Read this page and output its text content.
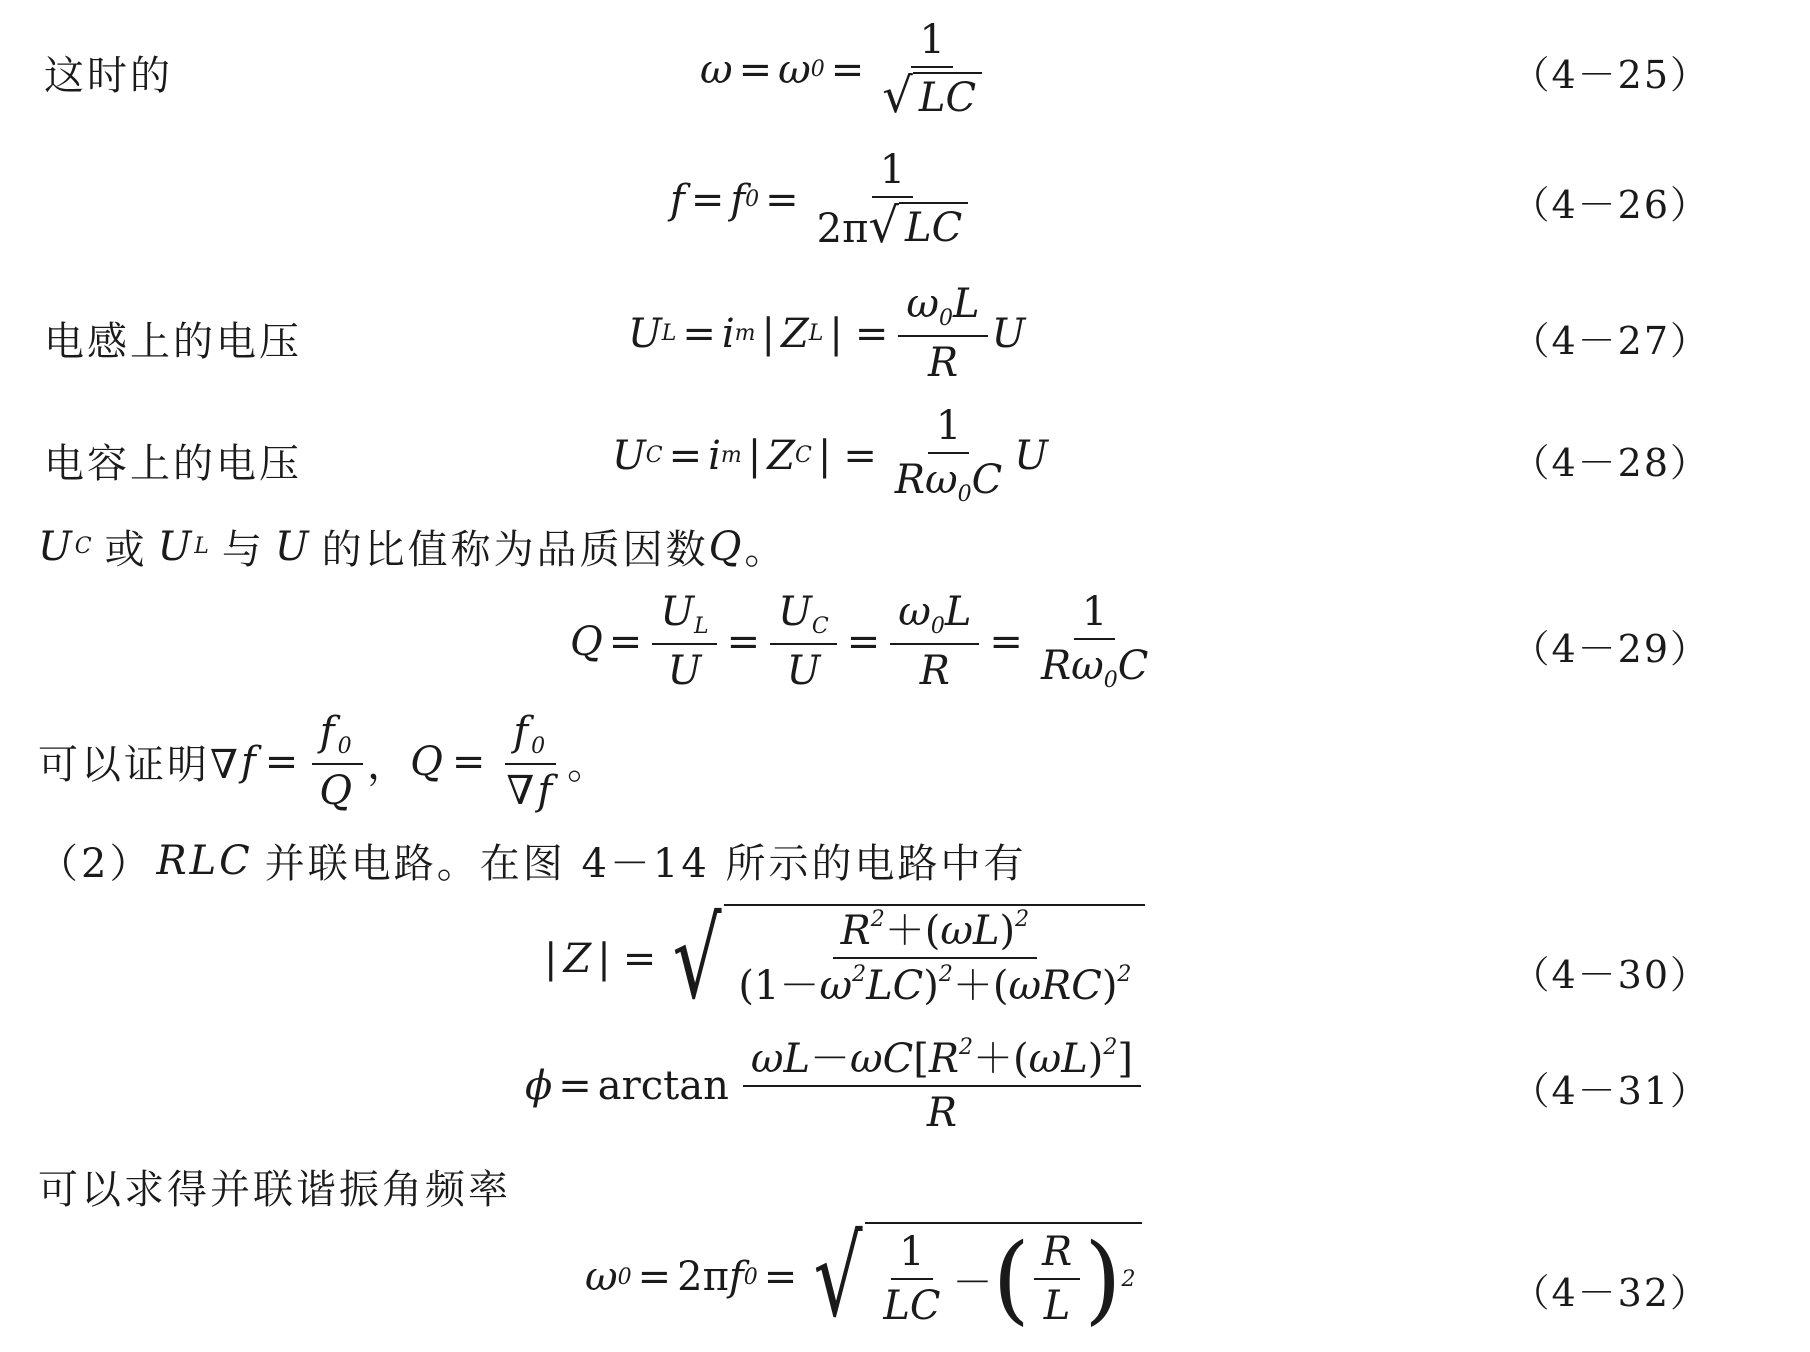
这时的	ω = ω $0 = \frac{1}{√ LC}$	（4－25）
f = f $0 = \frac{1}{2\pi √ LC}$	（4－26）
电感上的电压	U L = i m | Z L | = $\frac{\omega_0L}{R}$ U	（4－27）
电容上的电压	U C = i m | Z C | = $\frac{1}{R\omega_0C}$ U	（4－28）
U C 或 U L 与 U 的比值称为品质因数 Q 。
$Q = \frac{U_L}{U} = \frac{U_C}{U} = \frac{\omega_0L}{R} = \frac{1}{R\omega_0C}$	（4－29）
可以证明∇ $f = \frac{f_0}{Q}$ ， $Q = \frac{f_0}{\nabla f}$ 。
（2） RLC 并联电路。在图 4－14 所示的电路中有
| Z | = √ $\frac{R^2+(\omega L)^2}{(1-\omega^2LC)^2+(\omega RC)^2}$	（4－30）
$\phi = \arctan \frac{\omega L-\omega C[R^2+(\omega L)^2]}{R}$	（4－31）
可以求得并联谐振角频率
ω 0 = 2π f 0 = √ $\frac{1}{LC}$ － ( $\frac{R}{L}$ ) 2	（4－32）
